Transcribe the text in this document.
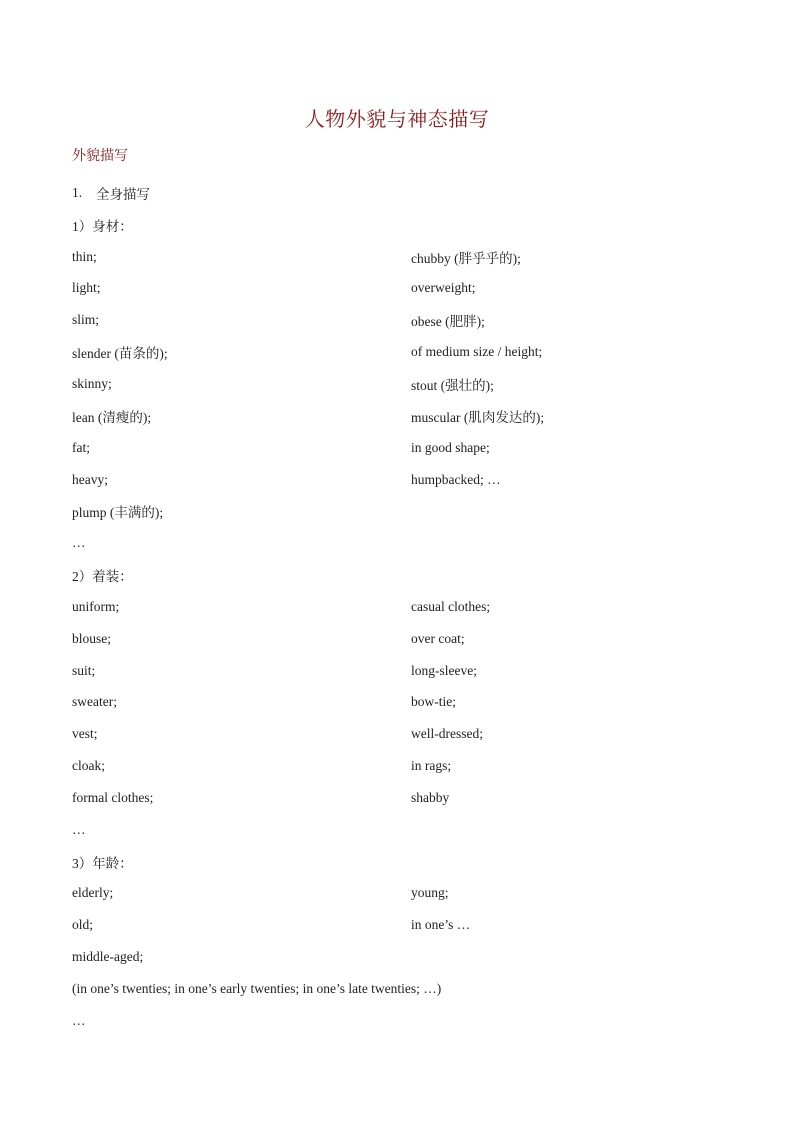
人物外貌与神态描写
外貌描写
1.	全身描写
1）身材：
thin;	chubby (胖乎乎的);
light;	overweight;
slim;	obese (肥胖);
slender (苗条的);	of medium size / height;
skinny;	stout (强壮的);
lean (清瘦的);	muscular (肌肉发达的);
fat;	in good shape;
heavy;	humpbacked; …
plump (丰满的);
…
2）着装：
uniform;	casual clothes;
blouse;	over coat;
suit;	long-sleeve;
sweater;	bow-tie;
vest;	well-dressed;
cloak;	in rags;
formal clothes;	shabby
…
3）年龄：
elderly;	young;
old;	in one’s …
middle-aged;
(in one’s twenties; in one’s early twenties; in one’s late twenties; …)
…
